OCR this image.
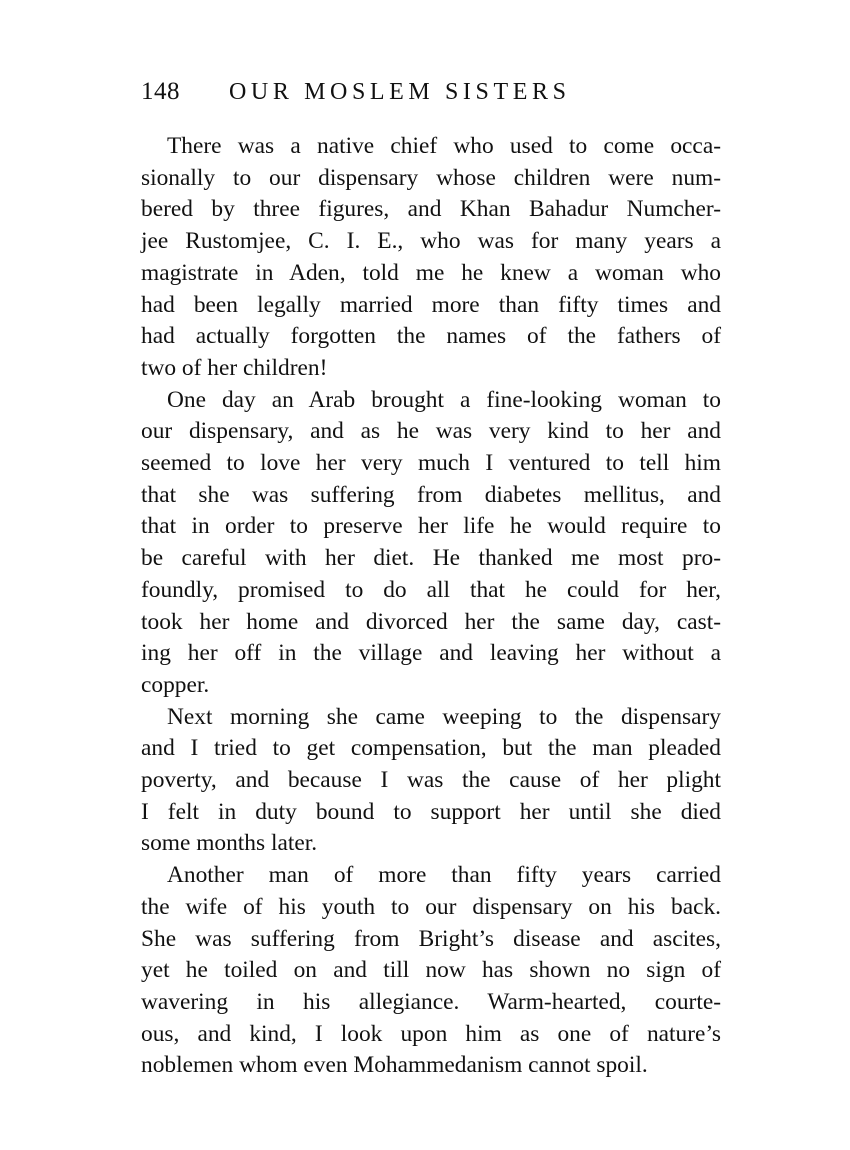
148	OUR MOSLEM SISTERS

There was a native chief who used to come occa-
sionally to our dispensary whose children were num-
bered by three figures, and Khan Bahadur Numcher-
jee Rustomjee, C. I. E., who was for many years a
magistrate in Aden, told me he knew a woman who
had been legally married more than fifty times and
had actually forgotten the names of the fathers of
two of her children!

One day an Arab brought a fine-looking woman to
our dispensary, and as he was very kind to her and
seemed to love her very much I ventured to tell him
that she was suffering from diabetes mellitus, and
that in order to preserve her life he would require to
be careful with her diet. He thanked me most pro-
foundly, promised to do all that he could for her,
took her home and divorced her the same day, cast-
ing her off in the village and leaving her without a
copper.

Next morning she came weeping to the dispensary
and I tried to get compensation, but the man pleaded
poverty, and because I was the cause of her plight
I felt in duty bound to support her until she died
some months later.

Another man of more than fifty years carried
the wife of his youth to our dispensary on his back.
She was suffering from Bright’s disease and ascites,
yet he toiled on and till now has shown no sign of
wavering in his allegiance. Warm-hearted, courte-
ous, and kind, I look upon him as one of nature’s
noblemen whom even Mohammedanism cannot spoil.
